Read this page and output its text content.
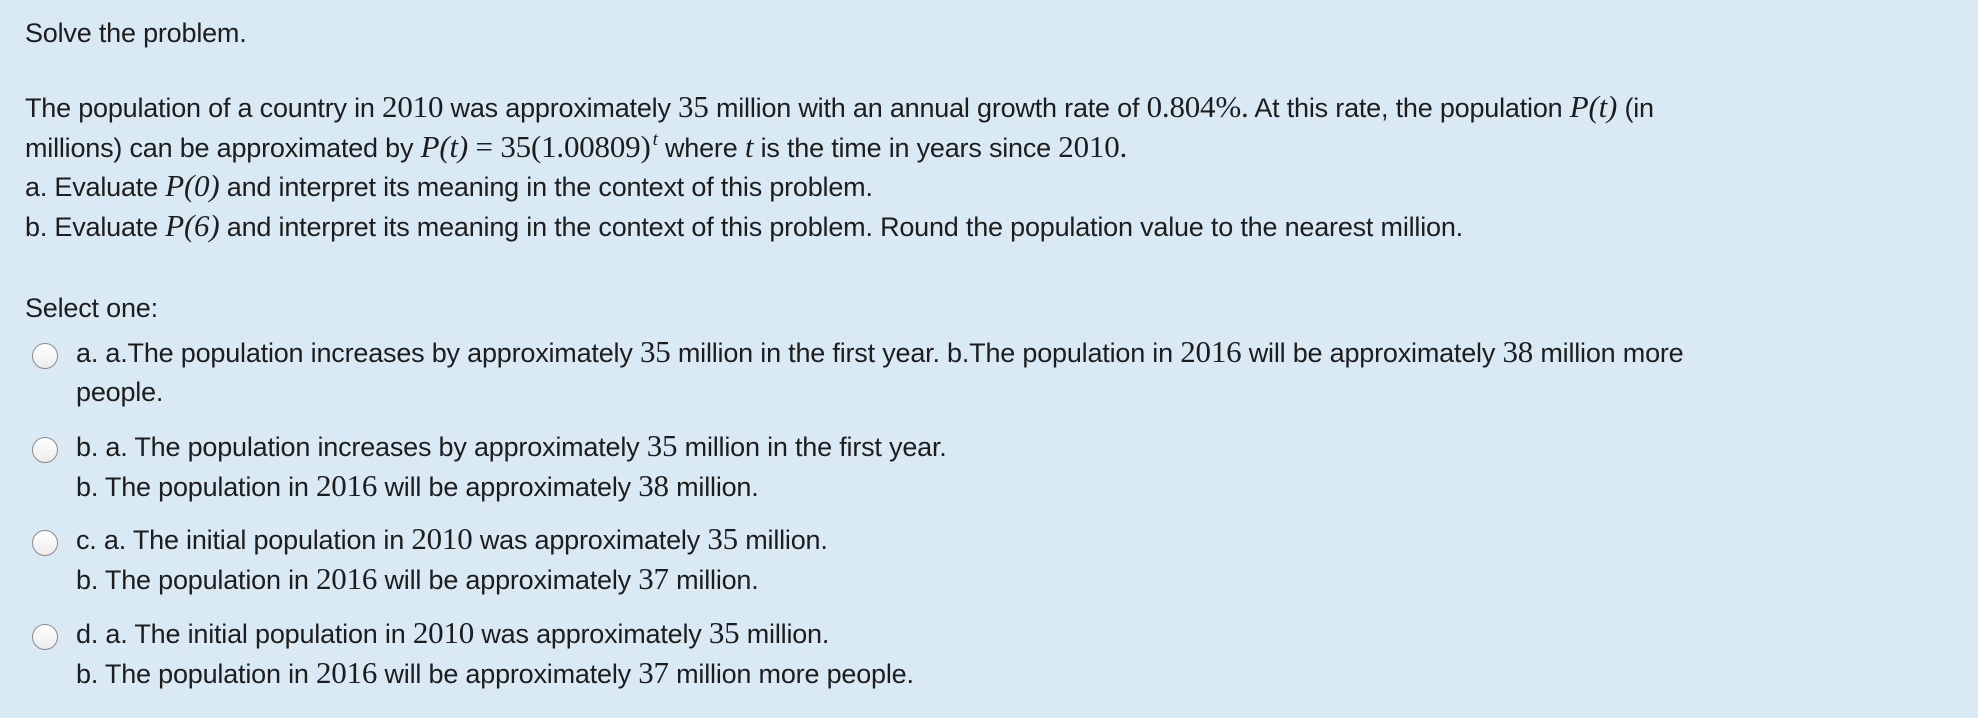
Solve the problem.

The population of a country in 2010 was approximately 35 million with an annual growth rate of 0.804%. At this rate, the population P(t) (in

millions) can be approximated by P(t) = 35(1.00809) $^t$ where t is the time in years since 2010.

a. Evaluate P(0) and interpret its meaning in the context of this problem.

b. Evaluate P(6) and interpret its meaning in the context of this problem. Round the population value to the nearest million.

Select one:
a. a.The population increases by approximately 35 million in the first year. b.The population in 2016 will be approximately 38 million more
people.
b. a. The population increases by approximately 35 million in the first year.
b. The population in 2016 will be approximately 38 million.
c. a. The initial population in 2010 was approximately 35 million.
b. The population in 2016 will be approximately 37 million.
d. a. The initial population in 2010 was approximately 35 million.
b. The population in 2016 will be approximately 37 million more people.
